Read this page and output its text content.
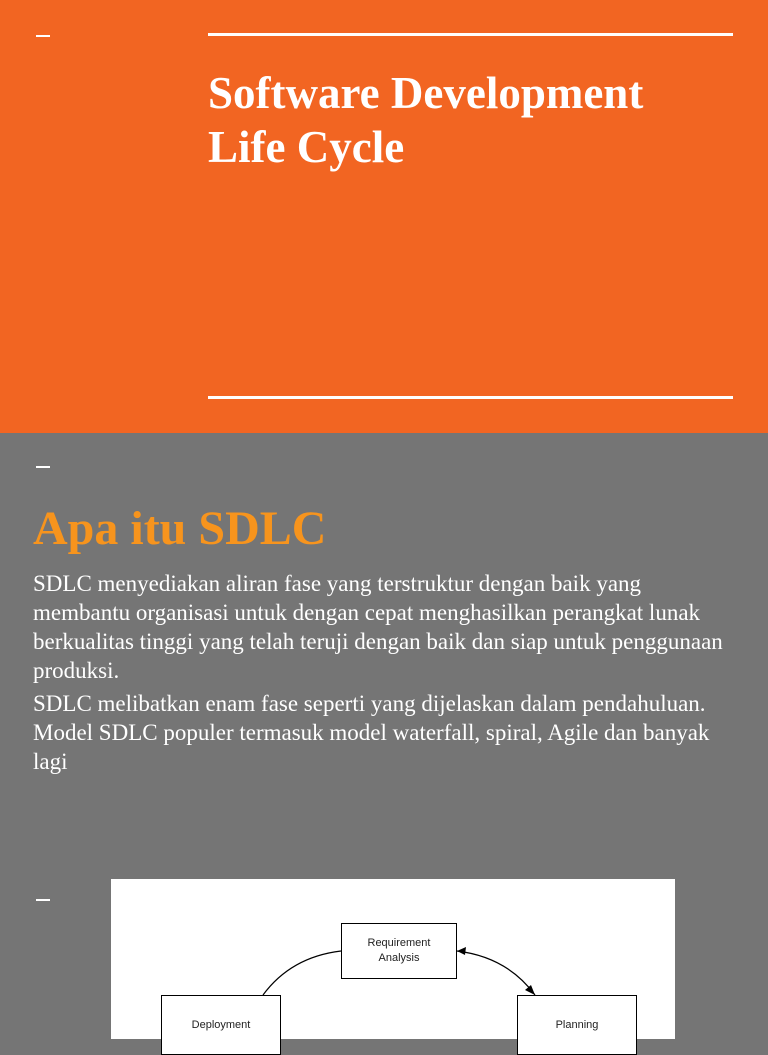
Software Development
Life Cycle
Apa itu SDLC

SDLC menyediakan aliran fase yang terstruktur dengan baik yang membantu organisasi untuk dengan cepat menghasilkan perangkat lunak berkualitas tinggi yang telah teruji dengan baik dan siap untuk penggunaan produksi.

SDLC melibatkan enam fase seperti yang dijelaskan dalam pendahuluan. Model SDLC populer termasuk model waterfall, spiral, Agile dan banyak lagi

Requirement
Analysis
Deployment	Planning
